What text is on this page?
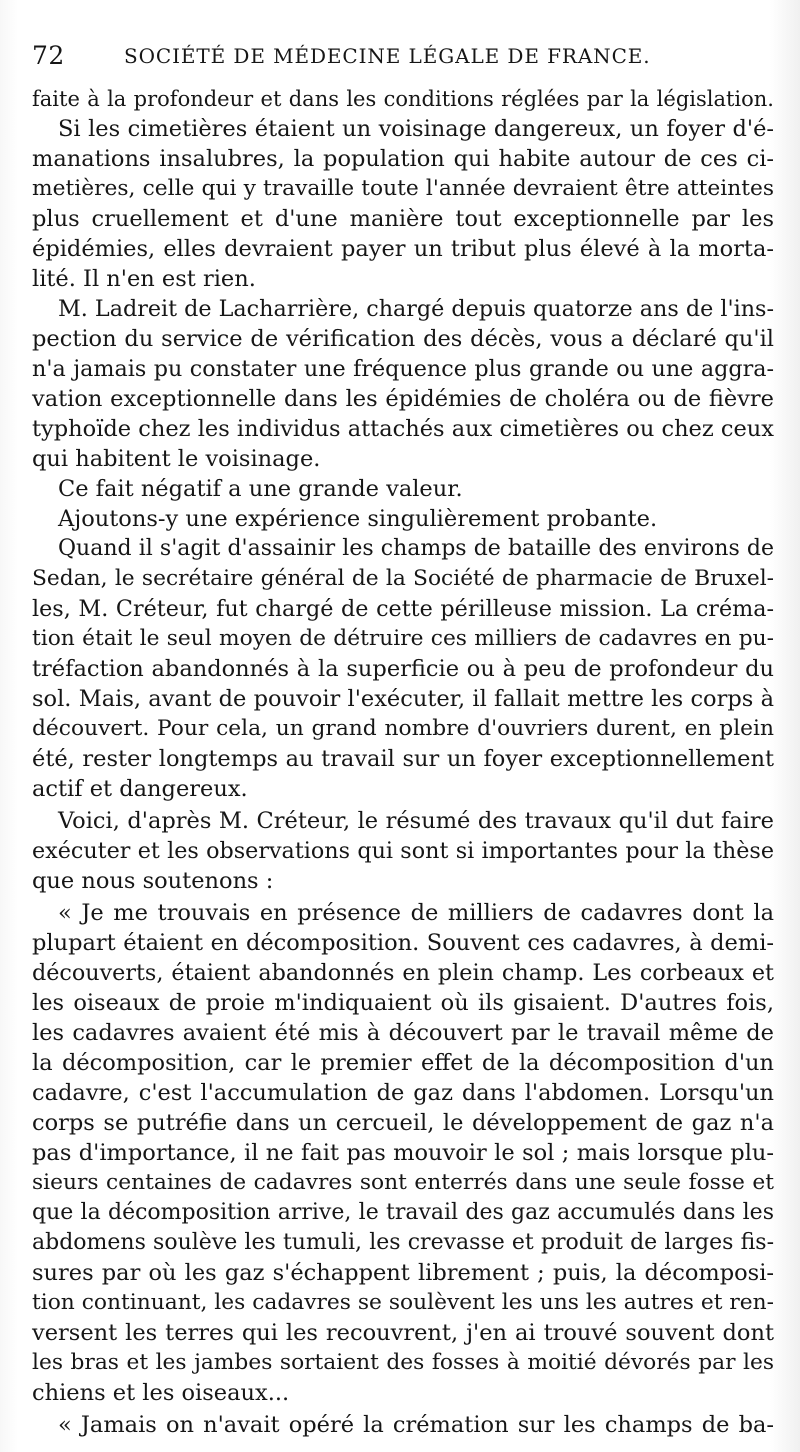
72	SOCIÉTÉ DE MÉDECINE LÉGALE DE FRANCE.
faite à la profondeur et dans les conditions réglées par la législation.
Si les cimetières étaient un voisinage dangereux, un foyer d'é-
manations insalubres, la population qui habite autour de ces ci-
metières, celle qui y travaille toute l'année devraient être atteintes
plus cruellement et d'une manière tout exceptionnelle par les
épidémies, elles devraient payer un tribut plus élevé à la morta-
lité. Il n'en est rien.
M. Ladreit de Lacharrière, chargé depuis quatorze ans de l'ins-
pection du service de vérification des décès, vous a déclaré qu'il
n'a jamais pu constater une fréquence plus grande ou une aggra-
vation exceptionnelle dans les épidémies de choléra ou de fièvre
typhoïde chez les individus attachés aux cimetières ou chez ceux
qui habitent le voisinage.
Ce fait négatif a une grande valeur.
Ajoutons-y une expérience singulièrement probante.
Quand il s'agit d'assainir les champs de bataille des environs de
Sedan, le secrétaire général de la Société de pharmacie de Bruxel-
les, M. Créteur, fut chargé de cette périlleuse mission. La créma-
tion était le seul moyen de détruire ces milliers de cadavres en pu-
tréfaction abandonnés à la superficie ou à peu de profondeur du
sol. Mais, avant de pouvoir l'exécuter, il fallait mettre les corps à
découvert. Pour cela, un grand nombre d'ouvriers durent, en plein
été, rester longtemps au travail sur un foyer exceptionnellement
actif et dangereux.
Voici, d'après M. Créteur, le résumé des travaux qu'il dut faire
exécuter et les observations qui sont si importantes pour la thèse
que nous soutenons :
« Je me trouvais en présence de milliers de cadavres dont la
plupart étaient en décomposition. Souvent ces cadavres, à demi-
découverts, étaient abandonnés en plein champ. Les corbeaux et
les oiseaux de proie m'indiquaient où ils gisaient. D'autres fois,
les cadavres avaient été mis à découvert par le travail même de
la décomposition, car le premier effet de la décomposition d'un
cadavre, c'est l'accumulation de gaz dans l'abdomen. Lorsqu'un
corps se putréfie dans un cercueil, le développement de gaz n'a
pas d'importance, il ne fait pas mouvoir le sol ; mais lorsque plu-
sieurs centaines de cadavres sont enterrés dans une seule fosse et
que la décomposition arrive, le travail des gaz accumulés dans les
abdomens soulève les tumuli, les crevasse et produit de larges fis-
sures par où les gaz s'échappent librement ; puis, la décomposi-
tion continuant, les cadavres se soulèvent les uns les autres et ren-
versent les terres qui les recouvrent, j'en ai trouvé souvent dont
les bras et les jambes sortaient des fosses à moitié dévorés par les
chiens et les oiseaux...
« Jamais on n'avait opéré la crémation sur les champs de ba-
